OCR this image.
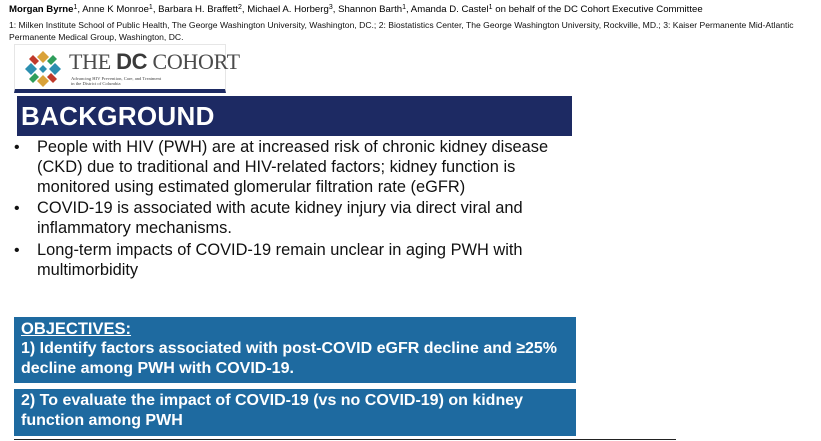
Morgan Byrne$^1$, Anne K Monroe$^1$, Barbara H. Braffett$^2$, Michael A. Horberg$^3$, Shannon Barth$^1$, Amanda D. Castel$^1$ on behalf of the DC Cohort Executive Committee
1: Milken Institute School of Public Health, The George Washington University, Washington, DC.; 2: Biostatistics Center, The George Washington University, Rockville, MD.; 3: Kaiser Permanente Mid-Atlantic Permanente Medical Group, Washington, DC.
THE DC COHORT
Advancing HIV Prevention, Care, and Treatment
in the District of Columbia
BACKGROUND
• People with HIV (PWH) are at increased risk of chronic kidney disease (CKD) due to traditional and HIV-related factors; kidney function is monitored using estimated glomerular filtration rate (eGFR)
• COVID-19 is associated with acute kidney injury via direct viral and inflammatory mechanisms.
• Long-term impacts of COVID-19 remain unclear in aging PWH with multimorbidity
OBJECTIVES:
1) Identify factors associated with post-COVID eGFR decline and ≥25% decline among PWH with COVID-19.
2) To evaluate the impact of COVID-19 (vs no COVID-19) on kidney function among PWH
